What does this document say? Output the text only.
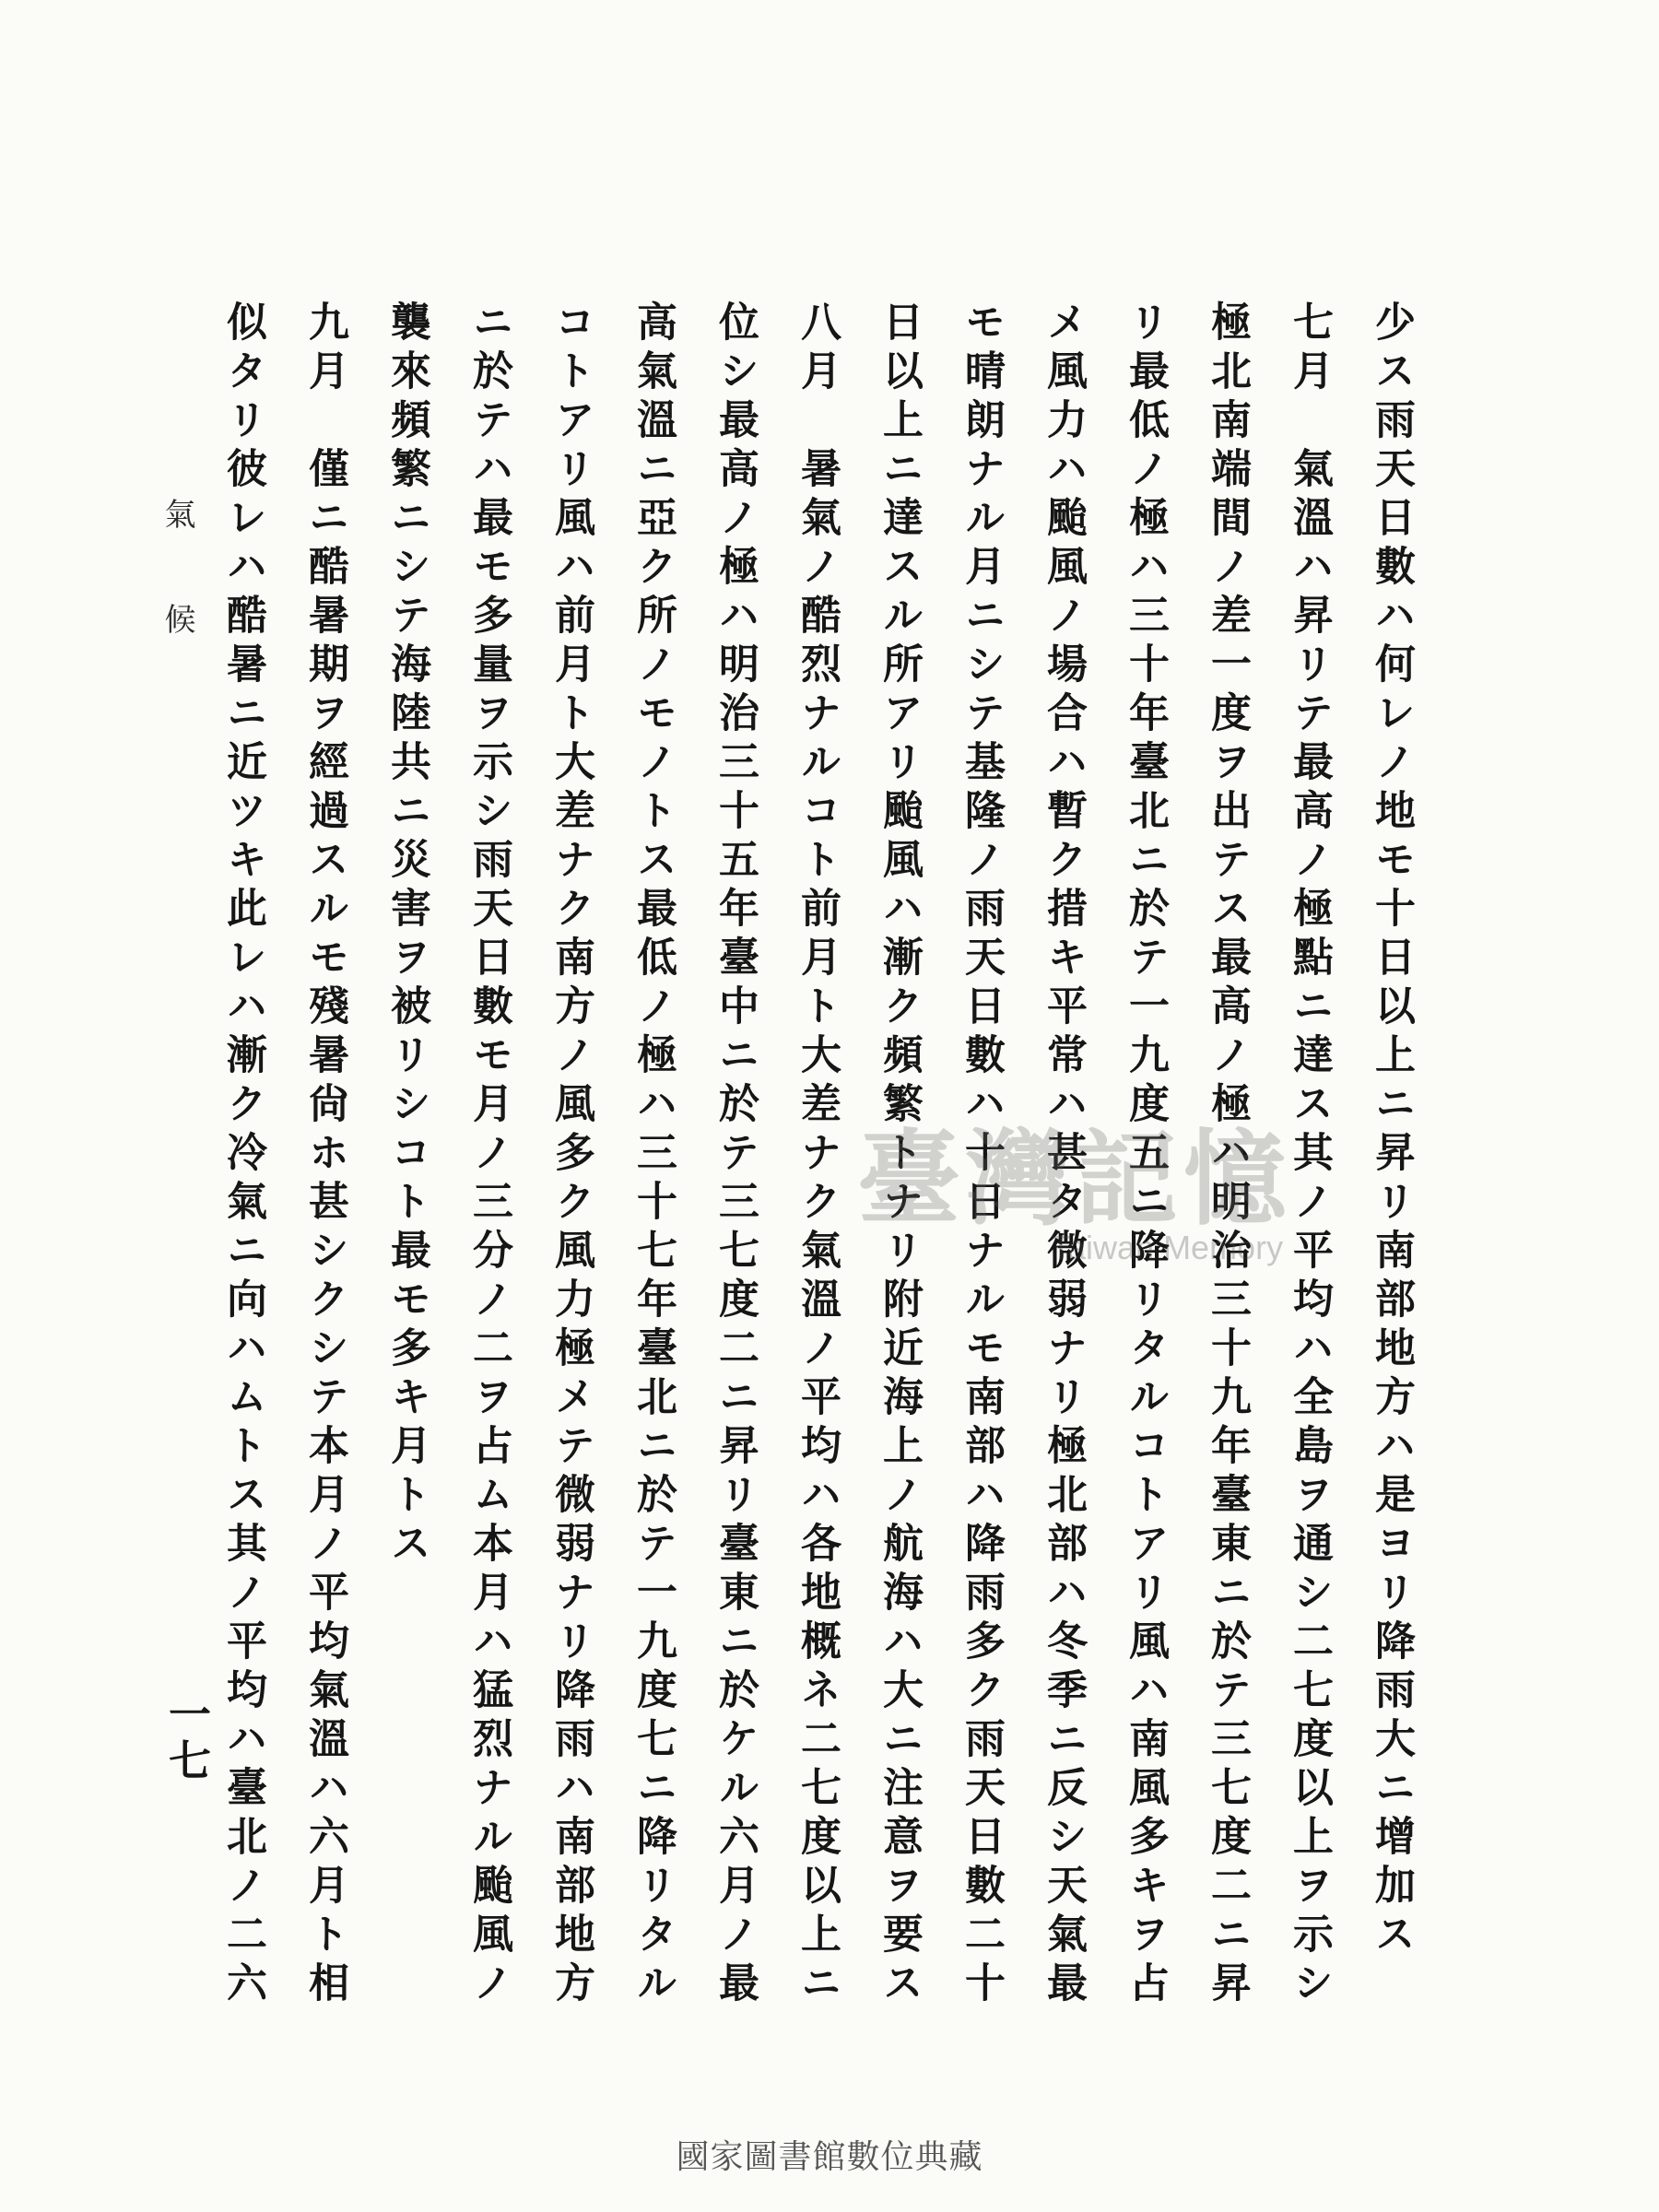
少ス雨天日數ハ何レノ地モ十日以上ニ昇リ南部地方ハ是ヨリ降雨大ニ增加ス
七月　氣溫ハ昇リテ最高ノ極點ニ達ス其ノ平均ハ全島ヲ通シ二七度以上ヲ示シ
極北南端間ノ差一度ヲ出テス最高ノ極ハ明治三十九年臺東ニ於テ三七度二ニ昇
リ最低ノ極ハ三十年臺北ニ於テ一九度五ニ降リタルコトアリ風ハ南風多キヲ占
メ風力ハ颱風ノ場合ハ暫ク措キ平常ハ甚タ微弱ナリ極北部ハ冬季ニ反シ天氣最
モ晴朗ナル月ニシテ基隆ノ雨天日數ハ十日ナルモ南部ハ降雨多ク雨天日數二十
日以上ニ達スル所アリ颱風ハ漸ク頻繁トナリ附近海上ノ航海ハ大ニ注意ヲ要ス
八月　暑氣ノ酷烈ナルコト前月ト大差ナク氣溫ノ平均ハ各地概ネ二七度以上ニ
位シ最高ノ極ハ明治三十五年臺中ニ於テ三七度二ニ昇リ臺東ニ於ケル六月ノ最
高氣溫ニ亞ク所ノモノトス最低ノ極ハ三十七年臺北ニ於テ一九度七ニ降リタル
コトアリ風ハ前月ト大差ナク南方ノ風多ク風力極メテ微弱ナリ降雨ハ南部地方
ニ於テハ最モ多量ヲ示シ雨天日數モ月ノ三分ノ二ヲ占ム本月ハ猛烈ナル颱風ノ
襲來頻繁ニシテ海陸共ニ災害ヲ被リシコト最モ多キ月トス
九月　僅ニ酷暑期ヲ經過スルモ殘暑尙ホ甚シクシテ本月ノ平均氣溫ハ六月ト相
似タリ彼レハ酷暑ニ近ツキ此レハ漸ク冷氣ニ向ハムトス其ノ平均ハ臺北ノ二六
氣候
一七
臺灣記憶
Taiwan Memory
國家圖書館數位典藏
